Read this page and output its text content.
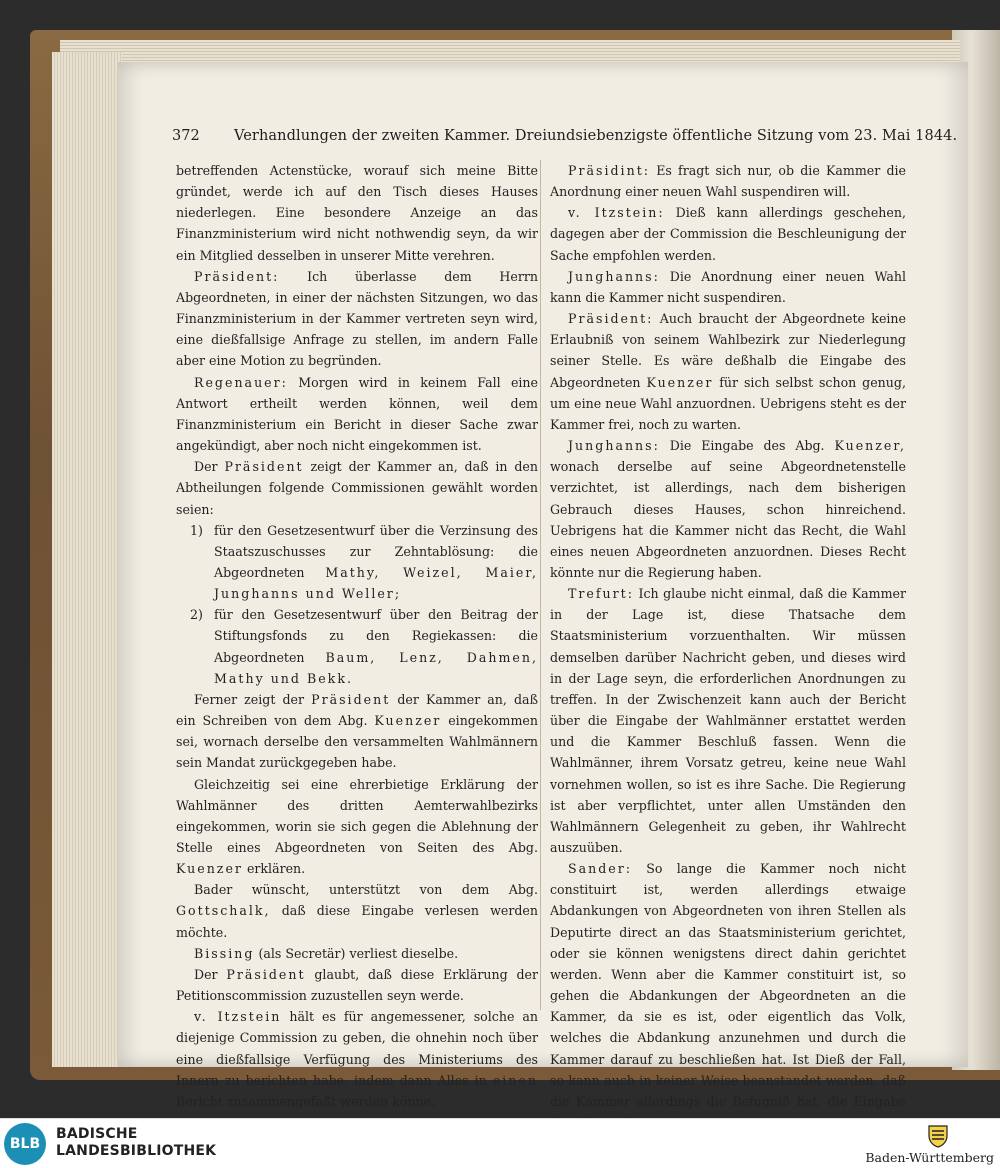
372 Verhandlungen der zweiten Kammer. Dreiundsiebenzigste öffentliche Sitzung vom 23. Mai 1844.

betreffenden Actenstücke, worauf sich meine Bitte gründet, werde ich auf den Tisch dieses Hauses niederlegen. Eine besondere Anzeige an das Finanzministerium wird nicht nothwendig seyn, da wir ein Mitglied desselben in unserer Mitte verehren.

Präsident: Ich überlasse dem Herrn Abgeordneten, in einer der nächsten Sitzungen, wo das Finanzministerium in der Kammer vertreten seyn wird, eine dießfallsige Anfrage zu stellen, im andern Falle aber eine Motion zu begründen.

Regenauer: Morgen wird in keinem Fall eine Antwort ertheilt werden können, weil dem Finanzministerium ein Bericht in dieser Sache zwar angekündigt, aber noch nicht eingekommen ist.

Der Präsident zeigt der Kammer an, daß in den Abtheilungen folgende Commissionen gewählt worden seien:

1) für den Gesetzesentwurf über die Verzinsung des Staatszuschusses zur Zehntablösung: die Abgeordneten Mathy, Weizel, Maier, Junghanns und Weller;

2) für den Gesetzesentwurf über den Beitrag der Stiftungsfonds zu den Regiekassen: die Abgeordneten Baum, Lenz, Dahmen, Mathy und Bekk.

Ferner zeigt der Präsident der Kammer an, daß ein Schreiben von dem Abg. Kuenzer eingekommen sei, wornach derselbe den versammelten Wahlmännern sein Mandat zurückgegeben habe.

Gleichzeitig sei eine ehrerbietige Erklärung der Wahlmänner des dritten Aemterwahlbezirks eingekommen, worin sie sich gegen die Ablehnung der Stelle eines Abgeordneten von Seiten des Abg. Kuenzer erklären.

Bader wünscht, unterstützt von dem Abg. Gottschalk, daß diese Eingabe verlesen werden möchte.

Bissing (als Secretär) verliest dieselbe.

Der Präsident glaubt, daß diese Erklärung der Petitionscommission zuzustellen seyn werde.

v. Itzstein hält es für angemessener, solche an diejenige Commission zu geben, die ohnehin noch über eine dießfallsige Verfügung des Ministeriums des Innern zu berichten habe, indem dann Alles in einen Bericht zusammengefaßt werden könne.

Präsidint: Es fragt sich nur, ob die Kammer die Anordnung einer neuen Wahl suspendiren will.

v. Itzstein: Dieß kann allerdings geschehen, dagegen aber der Commission die Beschleunigung der Sache empfohlen werden.

Junghanns: Die Anordnung einer neuen Wahl kann die Kammer nicht suspendiren.

Präsident: Auch braucht der Abgeordnete keine Erlaubniß von seinem Wahlbezirk zur Niederlegung seiner Stelle. Es wäre deßhalb die Eingabe des Abgeordneten Kuenzer für sich selbst schon genug, um eine neue Wahl anzuordnen. Uebrigens steht es der Kammer frei, noch zu warten.

Junghanns: Die Eingabe des Abg. Kuenzer, wonach derselbe auf seine Abgeordnetenstelle verzichtet, ist allerdings, nach dem bisherigen Gebrauch dieses Hauses, schon hinreichend. Uebrigens hat die Kammer nicht das Recht, die Wahl eines neuen Abgeordneten anzuordnen. Dieses Recht könnte nur die Regierung haben.

Trefurt: Ich glaube nicht einmal, daß die Kammer in der Lage ist, diese Thatsache dem Staatsministerium vorzuenthalten. Wir müssen demselben darüber Nachricht geben, und dieses wird in der Lage seyn, die erforderlichen Anordnungen zu treffen. In der Zwischenzeit kann auch der Bericht über die Eingabe der Wahlmänner erstattet werden und die Kammer Beschluß fassen. Wenn die Wahlmänner, ihrem Vorsatz getreu, keine neue Wahl vornehmen wollen, so ist es ihre Sache. Die Regierung ist aber verpflichtet, unter allen Umständen den Wahlmännern Gelegenheit zu geben, ihr Wahlrecht auszuüben.

Sander: So lange die Kammer noch nicht constituirt ist, werden allerdings etwaige Abdankungen von Abgeordneten von ihren Stellen als Deputirte direct an das Staatsministerium gerichtet, oder sie können wenigstens direct dahin gerichtet werden. Wenn aber die Kammer constituirt ist, so gehen die Abdankungen der Abgeordneten an die Kammer, da sie es ist, oder eigentlich das Volk, welches die Abdankung anzunehmen und durch die Kammer darauf zu beschließen hat. Ist Dieß der Fall, so kann auch in keiner Weise beanstandet werden, daß die Kammer allerdings die Befugniß hat, die Eingabe

BLB
BADISCHE
LANDESBIBLIOTHEK	Baden-Württemberg
